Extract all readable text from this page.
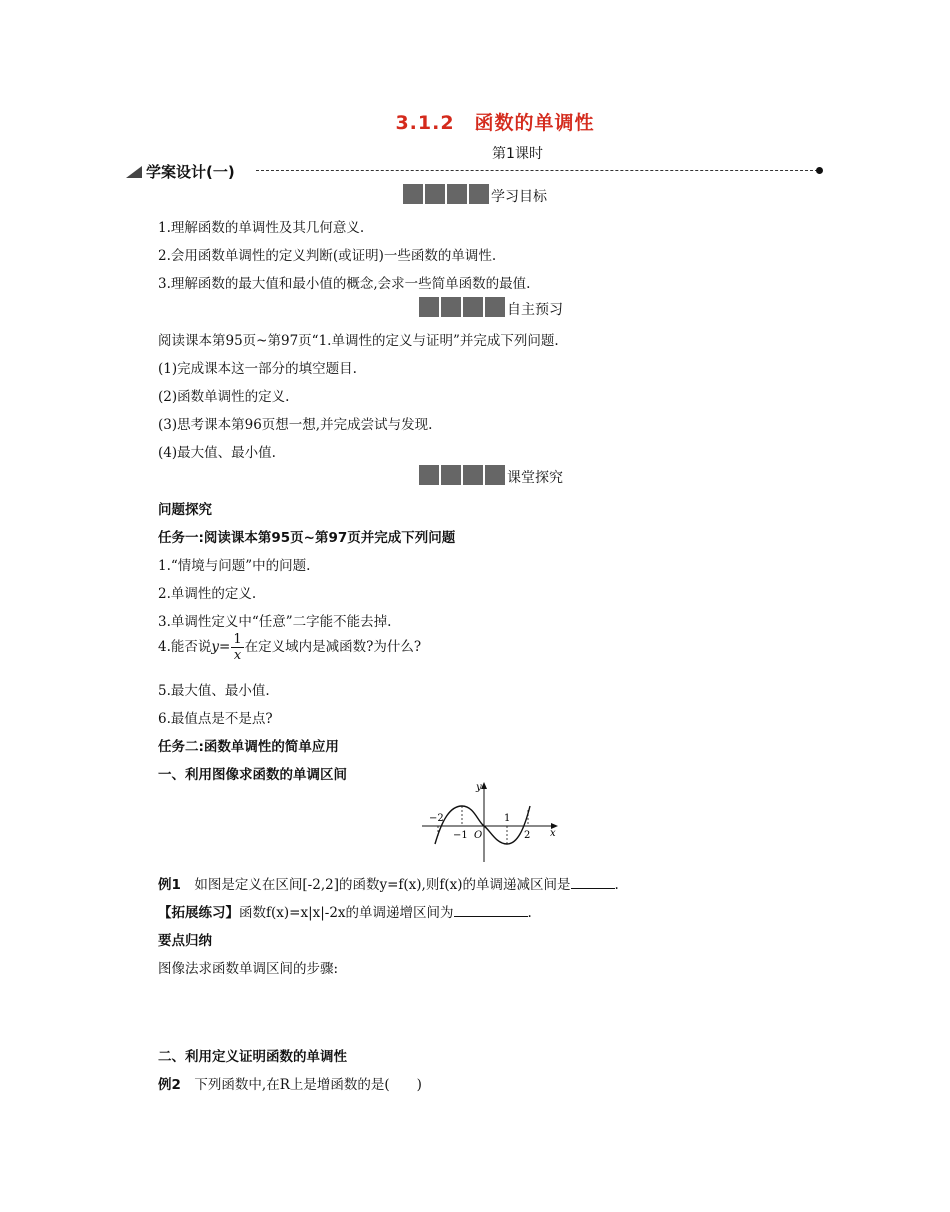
3.1.2　函数的单调性
第1课时
学案设计(一)
学习目标
1.理解函数的单调性及其几何意义.
2.会用函数单调性的定义判断(或证明)一些函数的单调性.
3.理解函数的最大值和最小值的概念,会求一些简单函数的最值.
自主预习
阅读课本第95页~第97页“1.单调性的定义与证明”并完成下列问题.
(1)完成课本这一部分的填空题目.
(2)函数单调性的定义.
(3)思考课本第96页想一想,并完成尝试与发现.
(4)最大值、最小值.
课堂探究
问题探究
任务一:阅读课本第95页~第97页并完成下列问题
1.“情境与问题”中的问题.
2.单调性的定义.
3.单调性定义中“任意”二字能不能去掉.
4.能否说$y= \frac{1}{x}$ 在定义域内是减函数?为什么?
5.最大值、最小值.
6.最值点是不是点?
任务二:函数单调性的简单应用
一、利用图像求函数的单调区间
−2
−1 O
1
2 x
y
例1　如图是定义在区间[-2,2]的函数y=f(x),则f(x)的单调递减区间是	.
【拓展练习】函数f(x)=x|x|-2x的单调递增区间为	.
要点归纳
图像法求函数单调区间的步骤:
二、利用定义证明函数的单调性
例2　下列函数中,在R上是增函数的是(　　)
